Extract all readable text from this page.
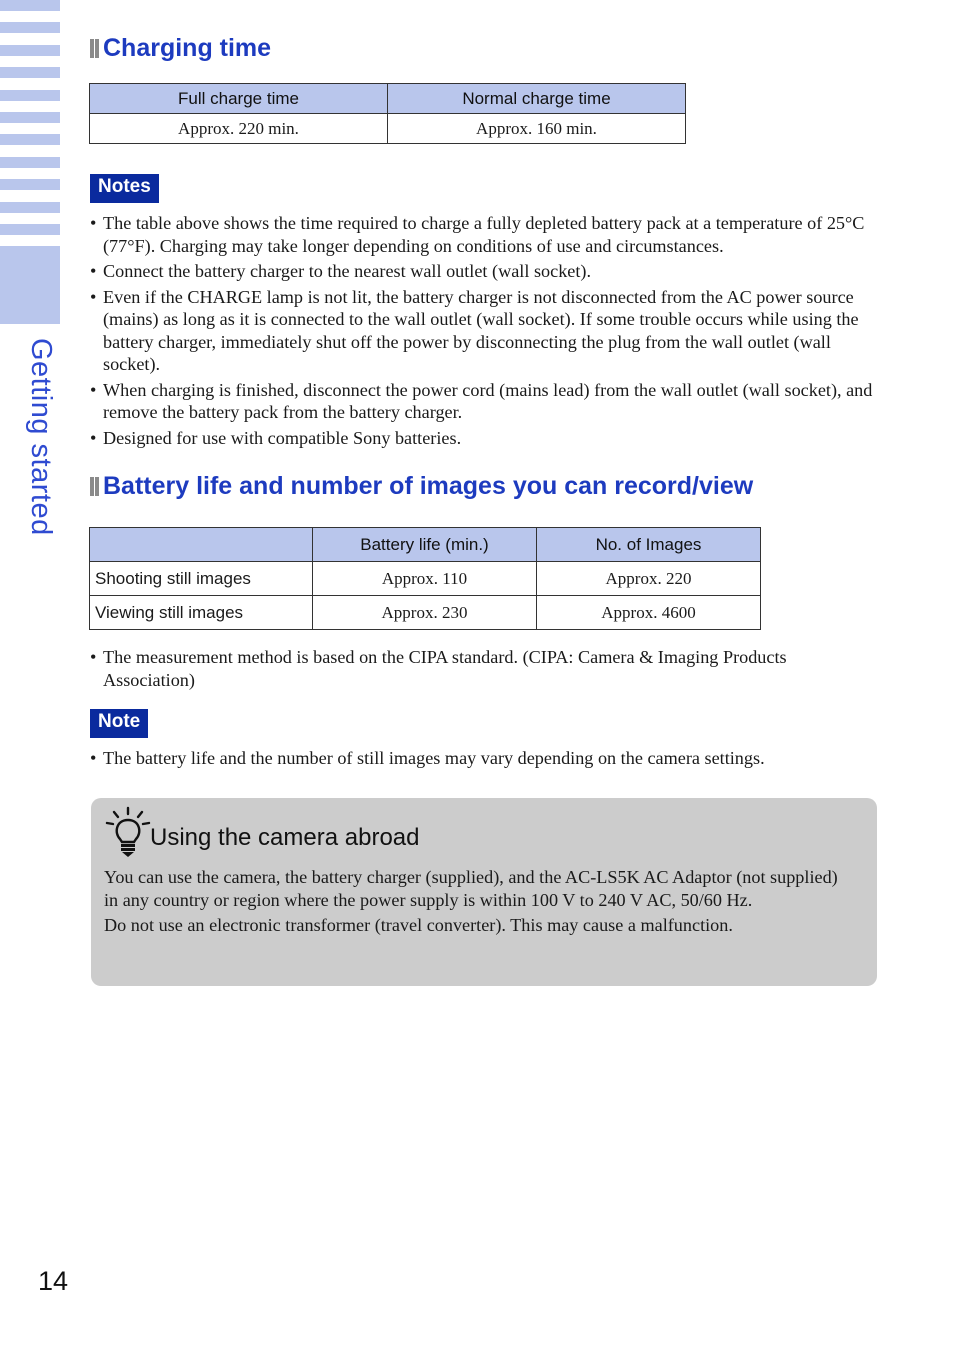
Getting started
Charging time
Full charge time	Normal charge time
Approx. 220 min.	Approx. 160 min.
Notes
• The table above shows the time required to charge a fully depleted battery pack at a temperature of 25°C (77°F). Charging may take longer depending on conditions of use and circumstances.
• Connect the battery charger to the nearest wall outlet (wall socket).
• Even if the CHARGE lamp is not lit, the battery charger is not disconnected from the AC power source (mains) as long as it is connected to the wall outlet (wall socket). If some trouble occurs while using the battery charger, immediately shut off the power by disconnecting the plug from the wall outlet (wall socket).
• When charging is finished, disconnect the power cord (mains lead) from the wall outlet (wall socket), and remove the battery pack from the battery charger.
• Designed for use with compatible Sony batteries.
Battery life and number of images you can record/view
	Battery life (min.)	No. of Images
Shooting still images	Approx. 110	Approx. 220
Viewing still images	Approx. 230	Approx. 4600
• The measurement method is based on the CIPA standard. (CIPA: Camera & Imaging Products Association)
Note
• The battery life and the number of still images may vary depending on the camera settings.
Using the camera abroad

You can use the camera, the battery charger (supplied), and the AC-LS5K AC Adaptor (not supplied) in any country or region where the power supply is within 100 V to 240 V AC, 50/60 Hz.

Do not use an electronic transformer (travel converter). This may cause a malfunction.

14
